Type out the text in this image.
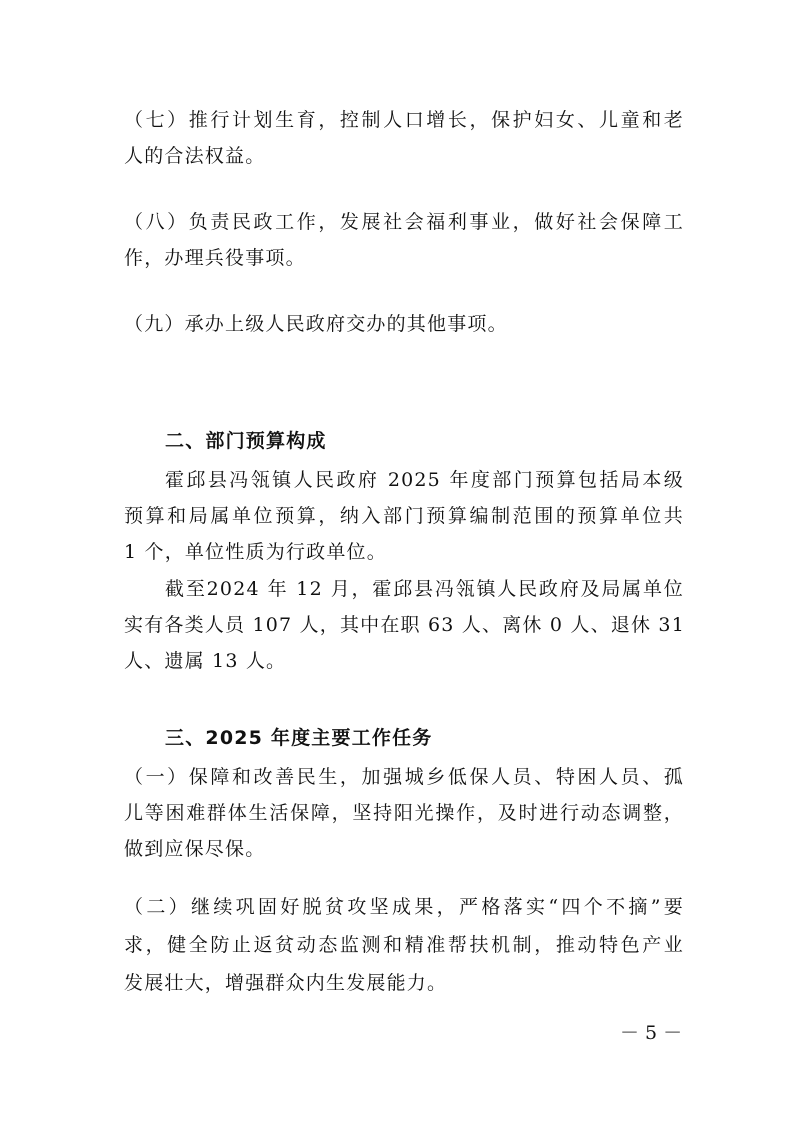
（七）推行计划生育，控制人口增长，保护妇女、儿童和老
人的合法权益。
（八）负责民政工作，发展社会福利事业，做好社会保障工
作，办理兵役事项。
（九）承办上级人民政府交办的其他事项。
二、部门预算构成
霍邱县冯瓴镇人民政府 2025 年度部门预算包括局本级
预算和局属单位预算，纳入部门预算编制范围的预算单位共
1 个，单位性质为行政单位。
截至2024 年 12 月，霍邱县冯瓴镇人民政府及局属单位
实有各类人员 107 人，其中在职 63 人、离休 0 人、退休 31
人、遗属 13 人。
三、2025 年度主要工作任务
（一）保障和改善民生，加强城乡低保人员、特困人员、孤
儿等困难群体生活保障，坚持阳光操作，及时进行动态调整，
做到应保尽保。
（二）继续巩固好脱贫攻坚成果，严格落实“四个不摘”要
求，健全防止返贫动态监测和精准帮扶机制，推动特色产业
发展壮大，增强群众内生发展能力。
－ 5 －
